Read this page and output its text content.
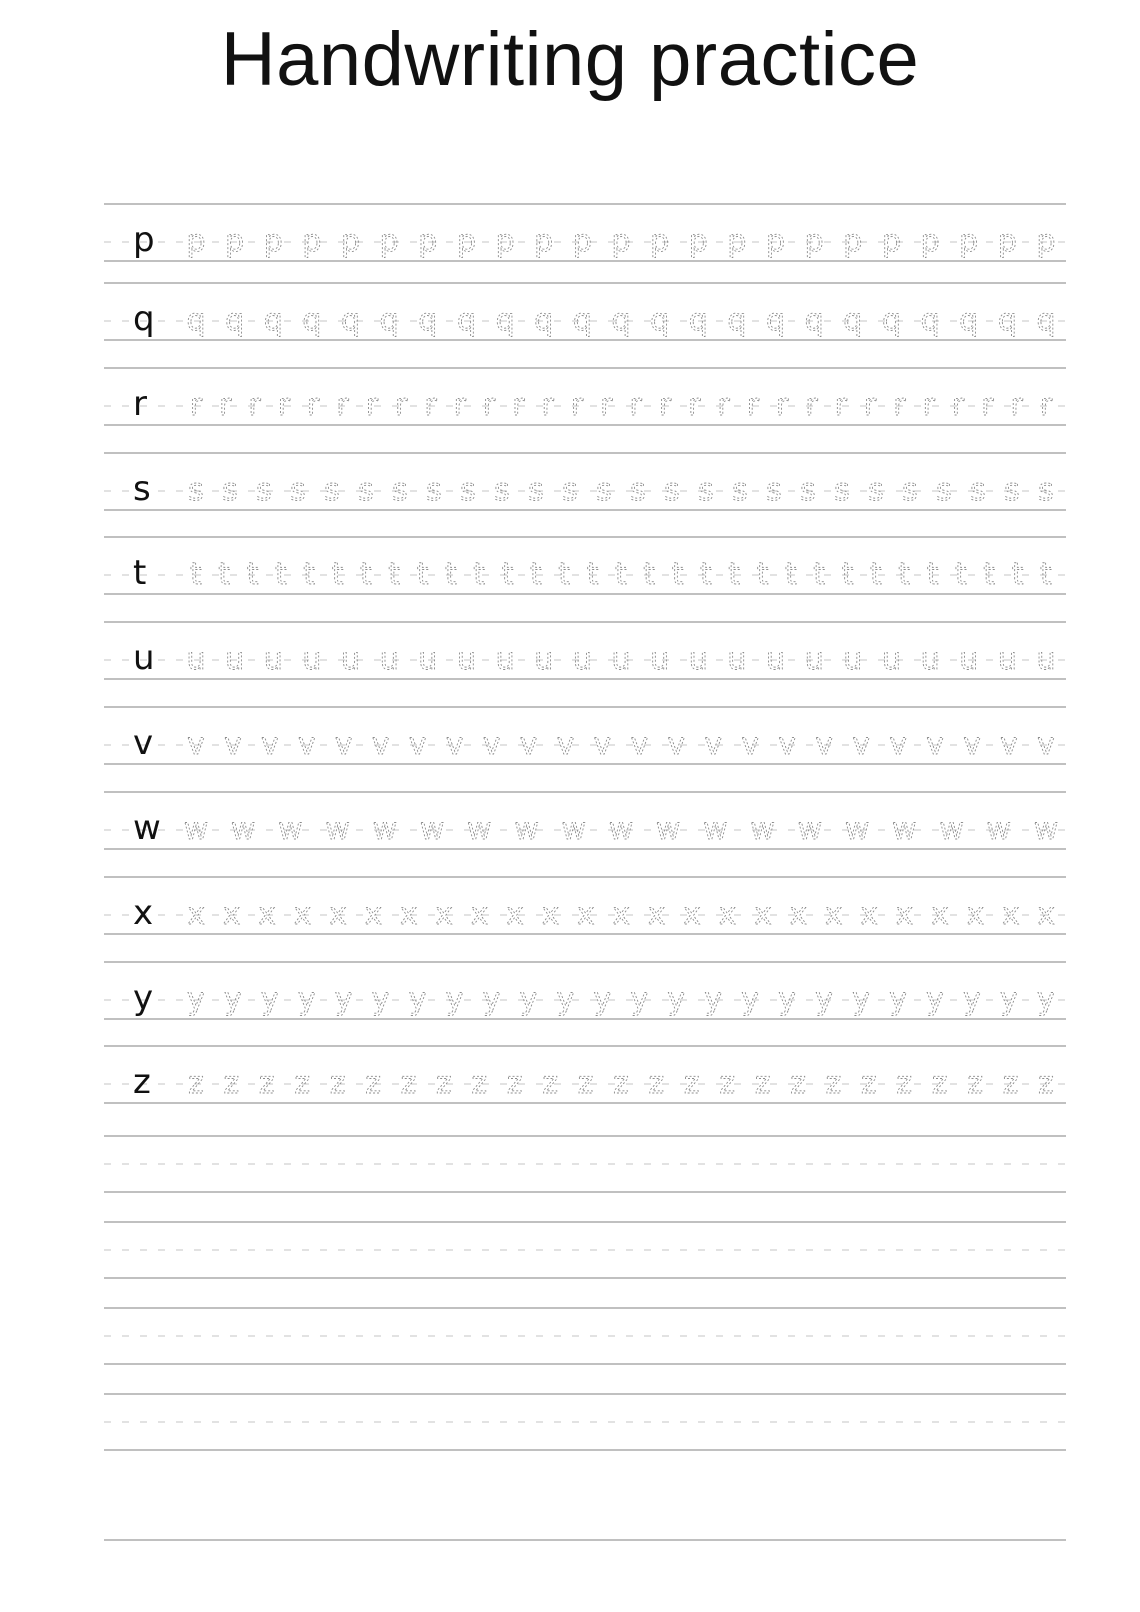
Handwriting practice
p p p p p p p p p p p p p p p p p p p p p p p p
q q q q q q q q q q q q q q q q q q q q q q q q
r r r r r r r r r r r r r r r r r r r r r r r r r r r r r r r
s s s s s s s s s s s s s s s s s s s s s s s s s s s
t t t t t t t t t t t t t t t t t t t t t t t t t t t t t t t t
u u u u u u u u u u u u u u u u u u u u u u u u
v v v v v v v v v v v v v v v v v v v v v v v v v
w w w w w w w w w w w w w w w w w w w w
x x x x x x x x x x x x x x x x x x x x x x x x x x
y y y y y y y y y y y y y y y y y y y y y y y y y
z z z z z z z z z z z z z z z z z z z z z z z z z z
